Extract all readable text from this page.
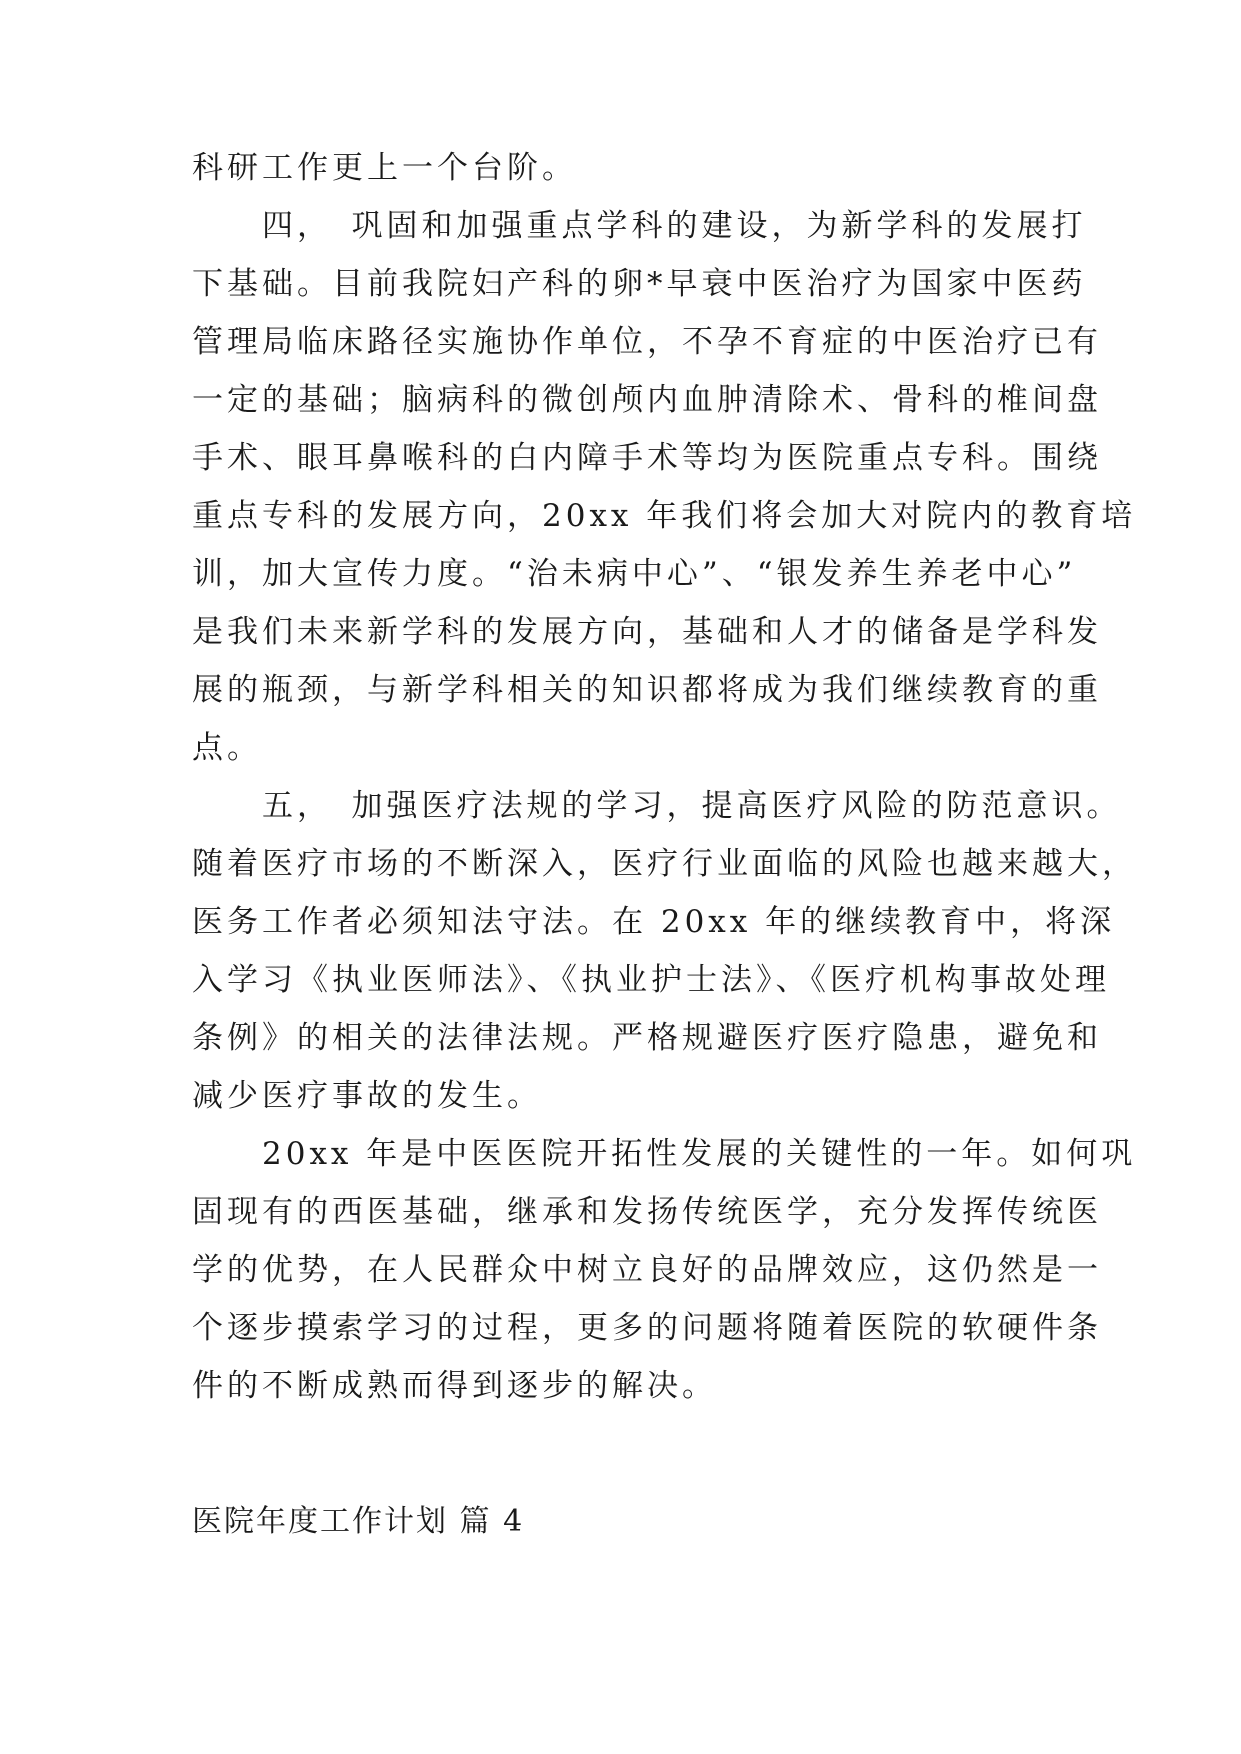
科研工作更上一个台阶。
　　四，　巩固和加强重点学科的建设，为新学科的发展打
下基础。目前我院妇产科的卵*早衰中医治疗为国家中医药
管理局临床路径实施协作单位，不孕不育症的中医治疗已有
一定的基础；脑病科的微创颅内血肿清除术、骨科的椎间盘
手术、眼耳鼻喉科的白内障手术等均为医院重点专科。围绕
重点专科的发展方向，20xx 年我们将会加大对院内的教育培
训，加大宣传力度。“治未病中心”、“银发养生养老中心”
是我们未来新学科的发展方向，基础和人才的储备是学科发
展的瓶颈，与新学科相关的知识都将成为我们继续教育的重
点。
　　五，　加强医疗法规的学习，提高医疗风险的防范意识。
随着医疗市场的不断深入，医疗行业面临的风险也越来越大，
医务工作者必须知法守法。在 20xx 年的继续教育中，将深
入学习《执业医师法》、《执业护士法》、《医疗机构事故处理
条例》的相关的法律法规。严格规避医疗医疗隐患，避免和
减少医疗事故的发生。
　　20xx 年是中医医院开拓性发展的关键性的一年。如何巩
固现有的西医基础，继承和发扬传统医学，充分发挥传统医
学的优势，在人民群众中树立良好的品牌效应，这仍然是一
个逐步摸索学习的过程，更多的问题将随着医院的软硬件条
件的不断成熟而得到逐步的解决。
医院年度工作计划 篇 4
